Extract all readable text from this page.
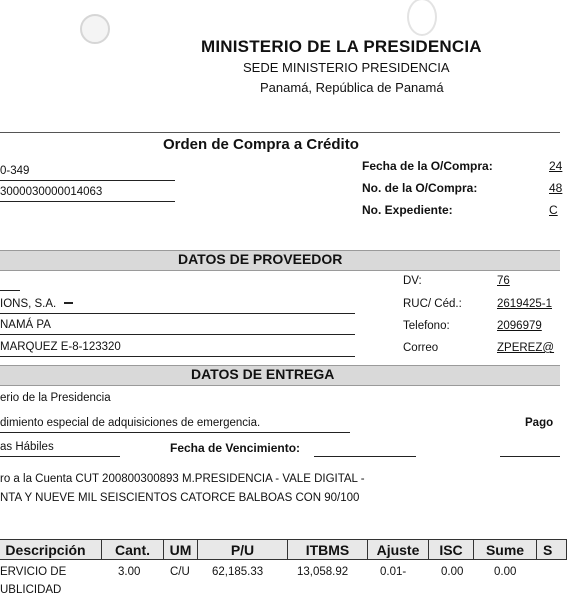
MINISTERIO DE LA PRESIDENCIA
SEDE MINISTERIO PRESIDENCIA
Panamá, República de Panamá
Orden de Compra a Crédito
0-349
3000030000014063
Fecha de la O/Compra:	24
No. de la O/Compra:	48
No. Expediente:	C
DATOS DE PROVEEDOR
IONS, S.A.
NAMÁ PA
MARQUEZ E-8-123320
DV:	76
RUC/ Céd.:	2619425-1
Telefono:	2096979
Correo	ZPEREZ@
DATOS DE ENTREGA
erio de la Presidencia
dimiento especial de adquisiciones de emergencia.	Pago
as Hábiles	Fecha de Vencimiento:
ro a la Cuenta CUT 200800300893 M.PRESIDENCIA - VALE DIGITAL -
NTA Y NUEVE MIL SEISCIENTOS CATORCE BALBOAS CON 90/100
Descripción	Cant.	UM	P/U	ITBMS	Ajuste	ISC	Sume	S
ERVICIO DE
UBLICIDAD
3.00	C/U 62,185.33	13,058.92	0.01-	0.00	0.00
